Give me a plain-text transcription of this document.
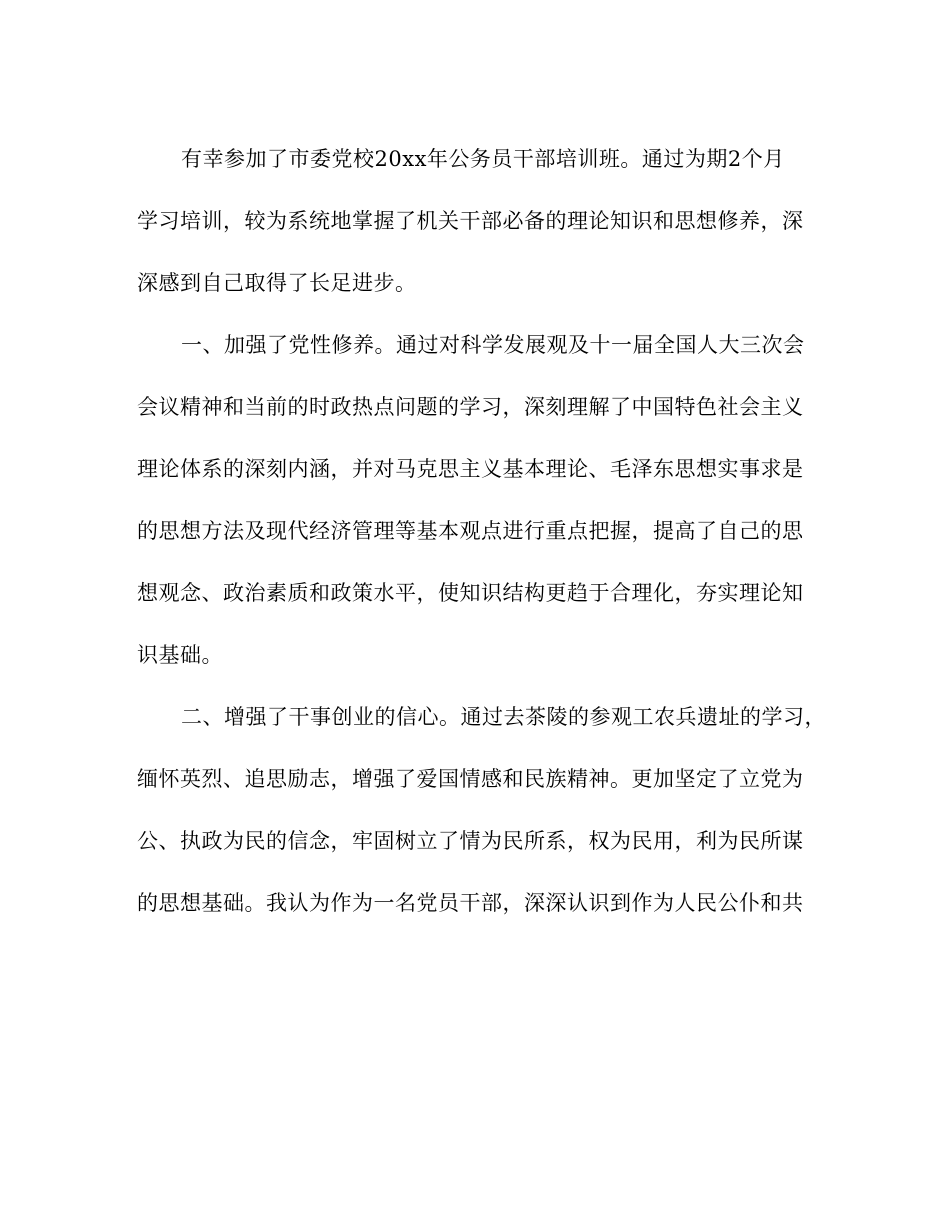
有幸参加了市委党校20xx年公务员干部培训班。通过为期2个月
学习培训，较为系统地掌握了机关干部必备的理论知识和思想修养，深
深感到自己取得了长足进步。
一、加强了党性修养。通过对科学发展观及十一届全国人大三次会
会议精神和当前的时政热点问题的学习，深刻理解了中国特色社会主义
理论体系的深刻内涵，并对马克思主义基本理论、毛泽东思想实事求是
的思想方法及现代经济管理等基本观点进行重点把握，提高了自己的思
想观念、政治素质和政策水平，使知识结构更趋于合理化，夯实理论知
识基础。
二、增强了干事创业的信心。通过去茶陵的参观工农兵遗址的学习，
缅怀英烈、追思励志，增强了爱国情感和民族精神。更加坚定了立党为
公、执政为民的信念，牢固树立了情为民所系，权为民用，利为民所谋
的思想基础。我认为作为一名党员干部，深深认识到作为人民公仆和共
